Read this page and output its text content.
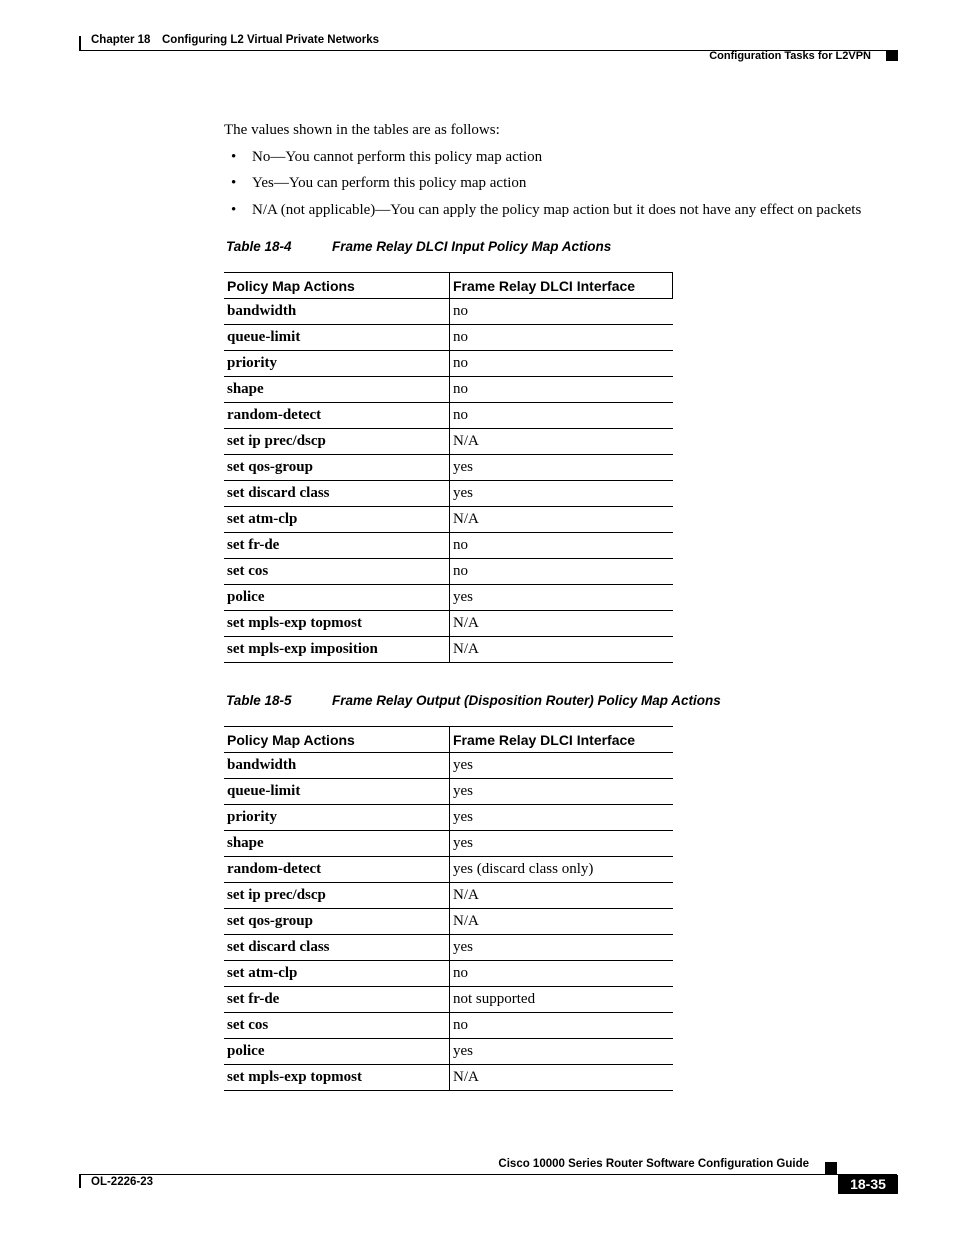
Chapter 18 Configuring L2 Virtual Private Networks
Configuration Tasks for L2VPN
The values shown in the tables are as follows:
• No—You cannot perform this policy map action
• Yes—You can perform this policy map action
• N/A (not applicable)—You can apply the policy map action but it does not have any effect on packets
Table 18-4	Frame Relay DLCI Input Policy Map Actions
Policy Map Actions	Frame Relay DLCI Interface
bandwidth	no
queue-limit	no
priority	no
shape	no
random-detect	no
set ip prec/dscp	N/A
set qos-group	yes
set discard class	yes
set atm-clp	N/A
set fr-de	no
set cos	no
police	yes
set mpls-exp topmost	N/A
set mpls-exp imposition	N/A
Table 18-5	Frame Relay Output (Disposition Router) Policy Map Actions
Policy Map Actions	Frame Relay DLCI Interface
bandwidth	yes
queue-limit	yes
priority	yes
shape	yes
random-detect	yes (discard class only)
set ip prec/dscp	N/A
set qos-group	N/A
set discard class	yes
set atm-clp	no
set fr-de	not supported
set cos	no
police	yes
set mpls-exp topmost	N/A
Cisco 10000 Series Router Software Configuration Guide
OL-2226-23	18-35
